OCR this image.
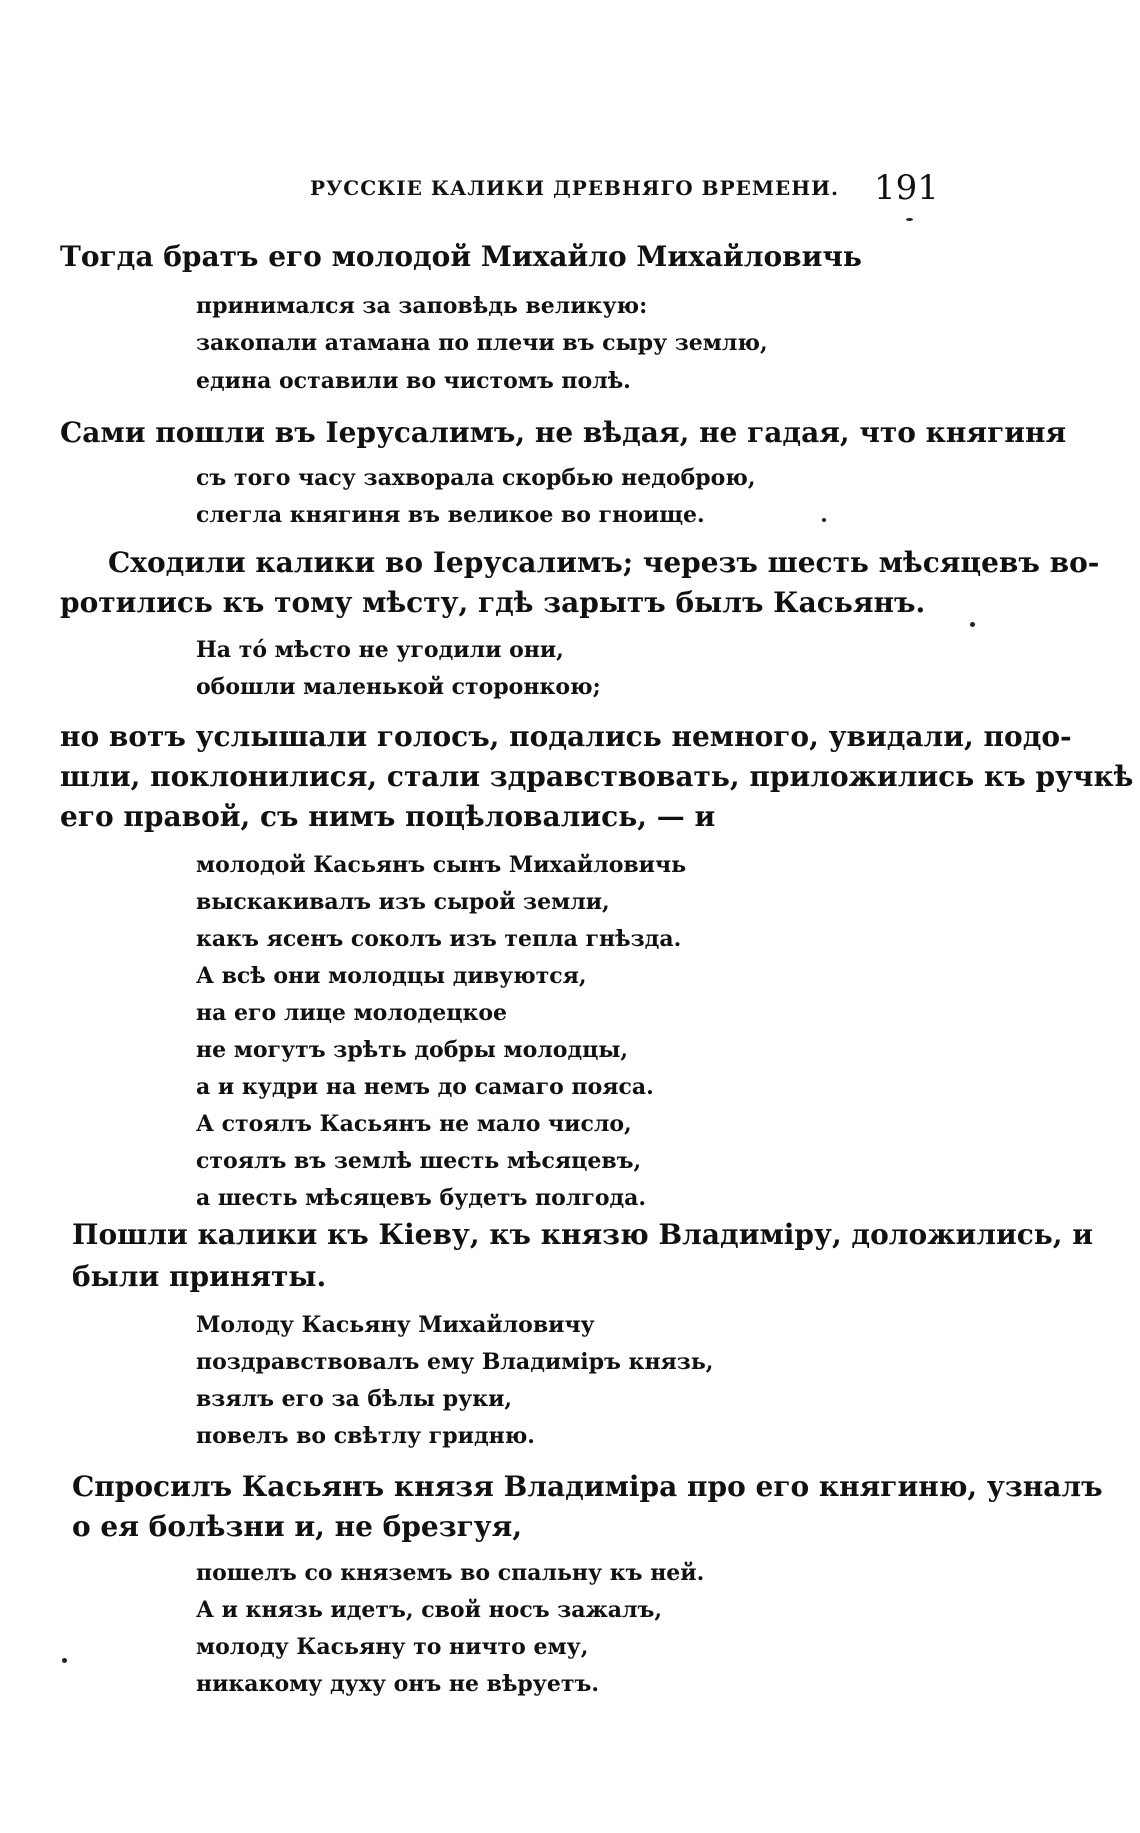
РУССКІЕ КАЛИКИ ДРЕВНЯГО ВРЕМЕНИ. 191
Тогда братъ его молодой Михайло Михайловичь
принимался за заповѣдь великую:
закопали атамана по плечи въ сыру землю,
едина оставили во чистомъ полѣ.
Сами пошли въ Іерусалимъ, не вѣдая, не гадая, что княгиня
съ того часу захворала скорбью недоброю,
слегла княгиня въ великое во гноище.
Сходили калики во Іерусалимъ; черезъ шесть мѣсяцевъ во-
ротились къ тому мѣсту, гдѣ зарытъ былъ Касьянъ.
На то́ мѣсто не угодили они,
обошли маленькой сторонкою;
но вотъ услышали голосъ, подались немного, увидали, подо-
шли, поклонилися, стали здравствовать, приложились къ ручкѣ
его правой, съ нимъ поцѣловались, — и
молодой Касьянъ сынъ Михайловичь
выскакивалъ изъ сырой земли,
какъ ясенъ соколъ изъ тепла гнѣзда.
А всѣ они молодцы дивуются,
на его лице молодецкое
не могутъ зрѣть добры молодцы,
а и кудри на немъ до самаго пояса.
А стоялъ Касьянъ не мало число,
стоялъ въ землѣ шесть мѣсяцевъ,
а шесть мѣсяцевъ будетъ полгода.
Пошли калики къ Кіеву, къ князю Владиміру, доложились, и
были приняты.
Молоду Касьяну Михайловичу
поздравствовалъ ему Владиміръ князь,
взялъ его за бѣлы руки,
повелъ во свѣтлу гридню.
Спросилъ Касьянъ князя Владиміра про его княгиню, узналъ
о ея болѣзни и, не брезгуя,
пошелъ со княземъ во спальну къ ней.
А и князь идетъ, свой носъ зажалъ,
молоду Касьяну то ничто ему,
никакому духу онъ не вѣруетъ.
